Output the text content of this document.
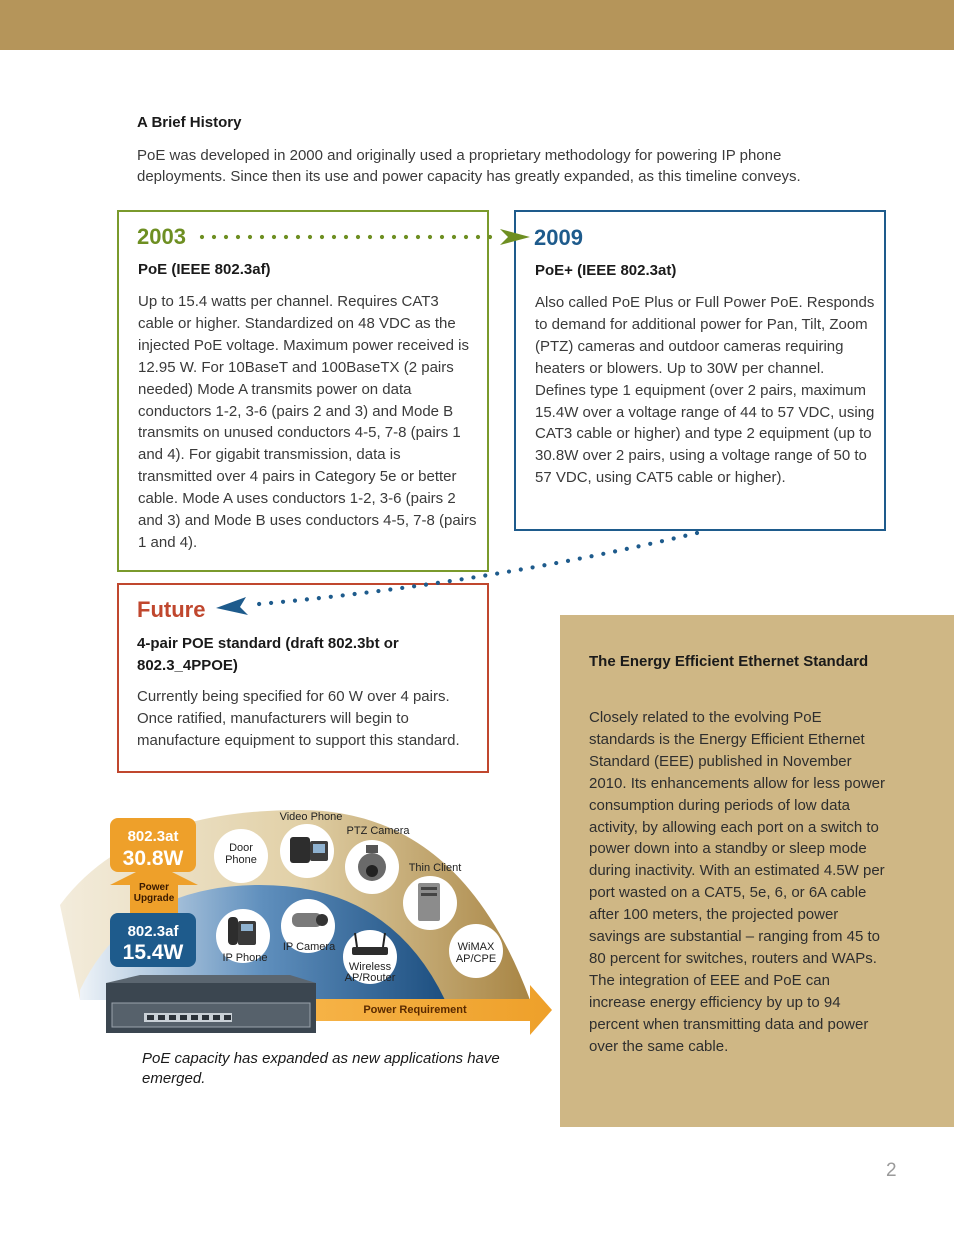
A Brief History
PoE was developed in 2000 and originally used a proprietary methodology for powering IP phone deployments. Since then its use and power capacity has greatly expanded, as this timeline conveys.
2003
PoE (IEEE 802.3af)
Up to 15.4 watts per channel. Requires CAT3 cable or higher. Standardized on 48 VDC as the injected PoE voltage. Maximum power received is 12.95 W. For 10BaseT and 100BaseTX (2 pairs needed) Mode A transmits power on data conductors 1-2, 3-6 (pairs 2 and 3) and Mode B transmits on unused conductors 4-5, 7-8 (pairs 1 and 4). For gigabit transmission, data is transmitted over 4 pairs in Category 5e or better cable. Mode A uses conductors 1-2, 3-6 (pairs 2 and 3) and Mode B uses conductors 4-5, 7-8 (pairs 1 and 4).
2009
PoE+ (IEEE 802.3at)
Also called PoE Plus or Full Power PoE. Responds to demand for additional power for Pan, Tilt, Zoom (PTZ) cameras and outdoor cameras requiring heaters or blowers. Up to 30W per channel. Defines type 1 equipment (over 2 pairs, maximum 15.4W over a voltage range of 44 to 57 VDC, using CAT3 cable or higher) and type 2 equipment (up to 30.8W over 2 pairs, using a voltage range of 50 to 57 VDC, using CAT5 cable or higher).
Future
4-pair POE standard (draft 802.3bt or 802.3_4PPOE)
Currently being specified for 60 W over 4 pairs. Once ratified, manufacturers will begin to manufacture equipment to support this standard.
The Energy Efficient Ethernet Standard
Closely related to the evolving PoE standards is the Energy Efficient Ethernet Standard (EEE) published in November 2010. Its enhancements allow for less power consumption during periods of low data activity, by allowing each port on a switch to power down into a standby or sleep mode during inactivity. With an estimated 4.5W per port wasted on a CAT5, 5e, 6, or 6A cable after 100 meters, the projected power savings are substantial – ranging from 45 to 80 percent for switches, routers and WAPs. The integration of EEE and PoE can increase energy efficiency by up to 94 percent when transmitting data and power over the same cable.
Power Requirement
Power
Upgrade
802.3at
30.8W
802.3af
15.4W
Door
Phone
Video Phone
PTZ Camera
Thin Client
WiMAX
AP/CPE
IP Phone
IP Camera
Wireless
AP/Router
PoE capacity has expanded as new applications have emerged.
2
